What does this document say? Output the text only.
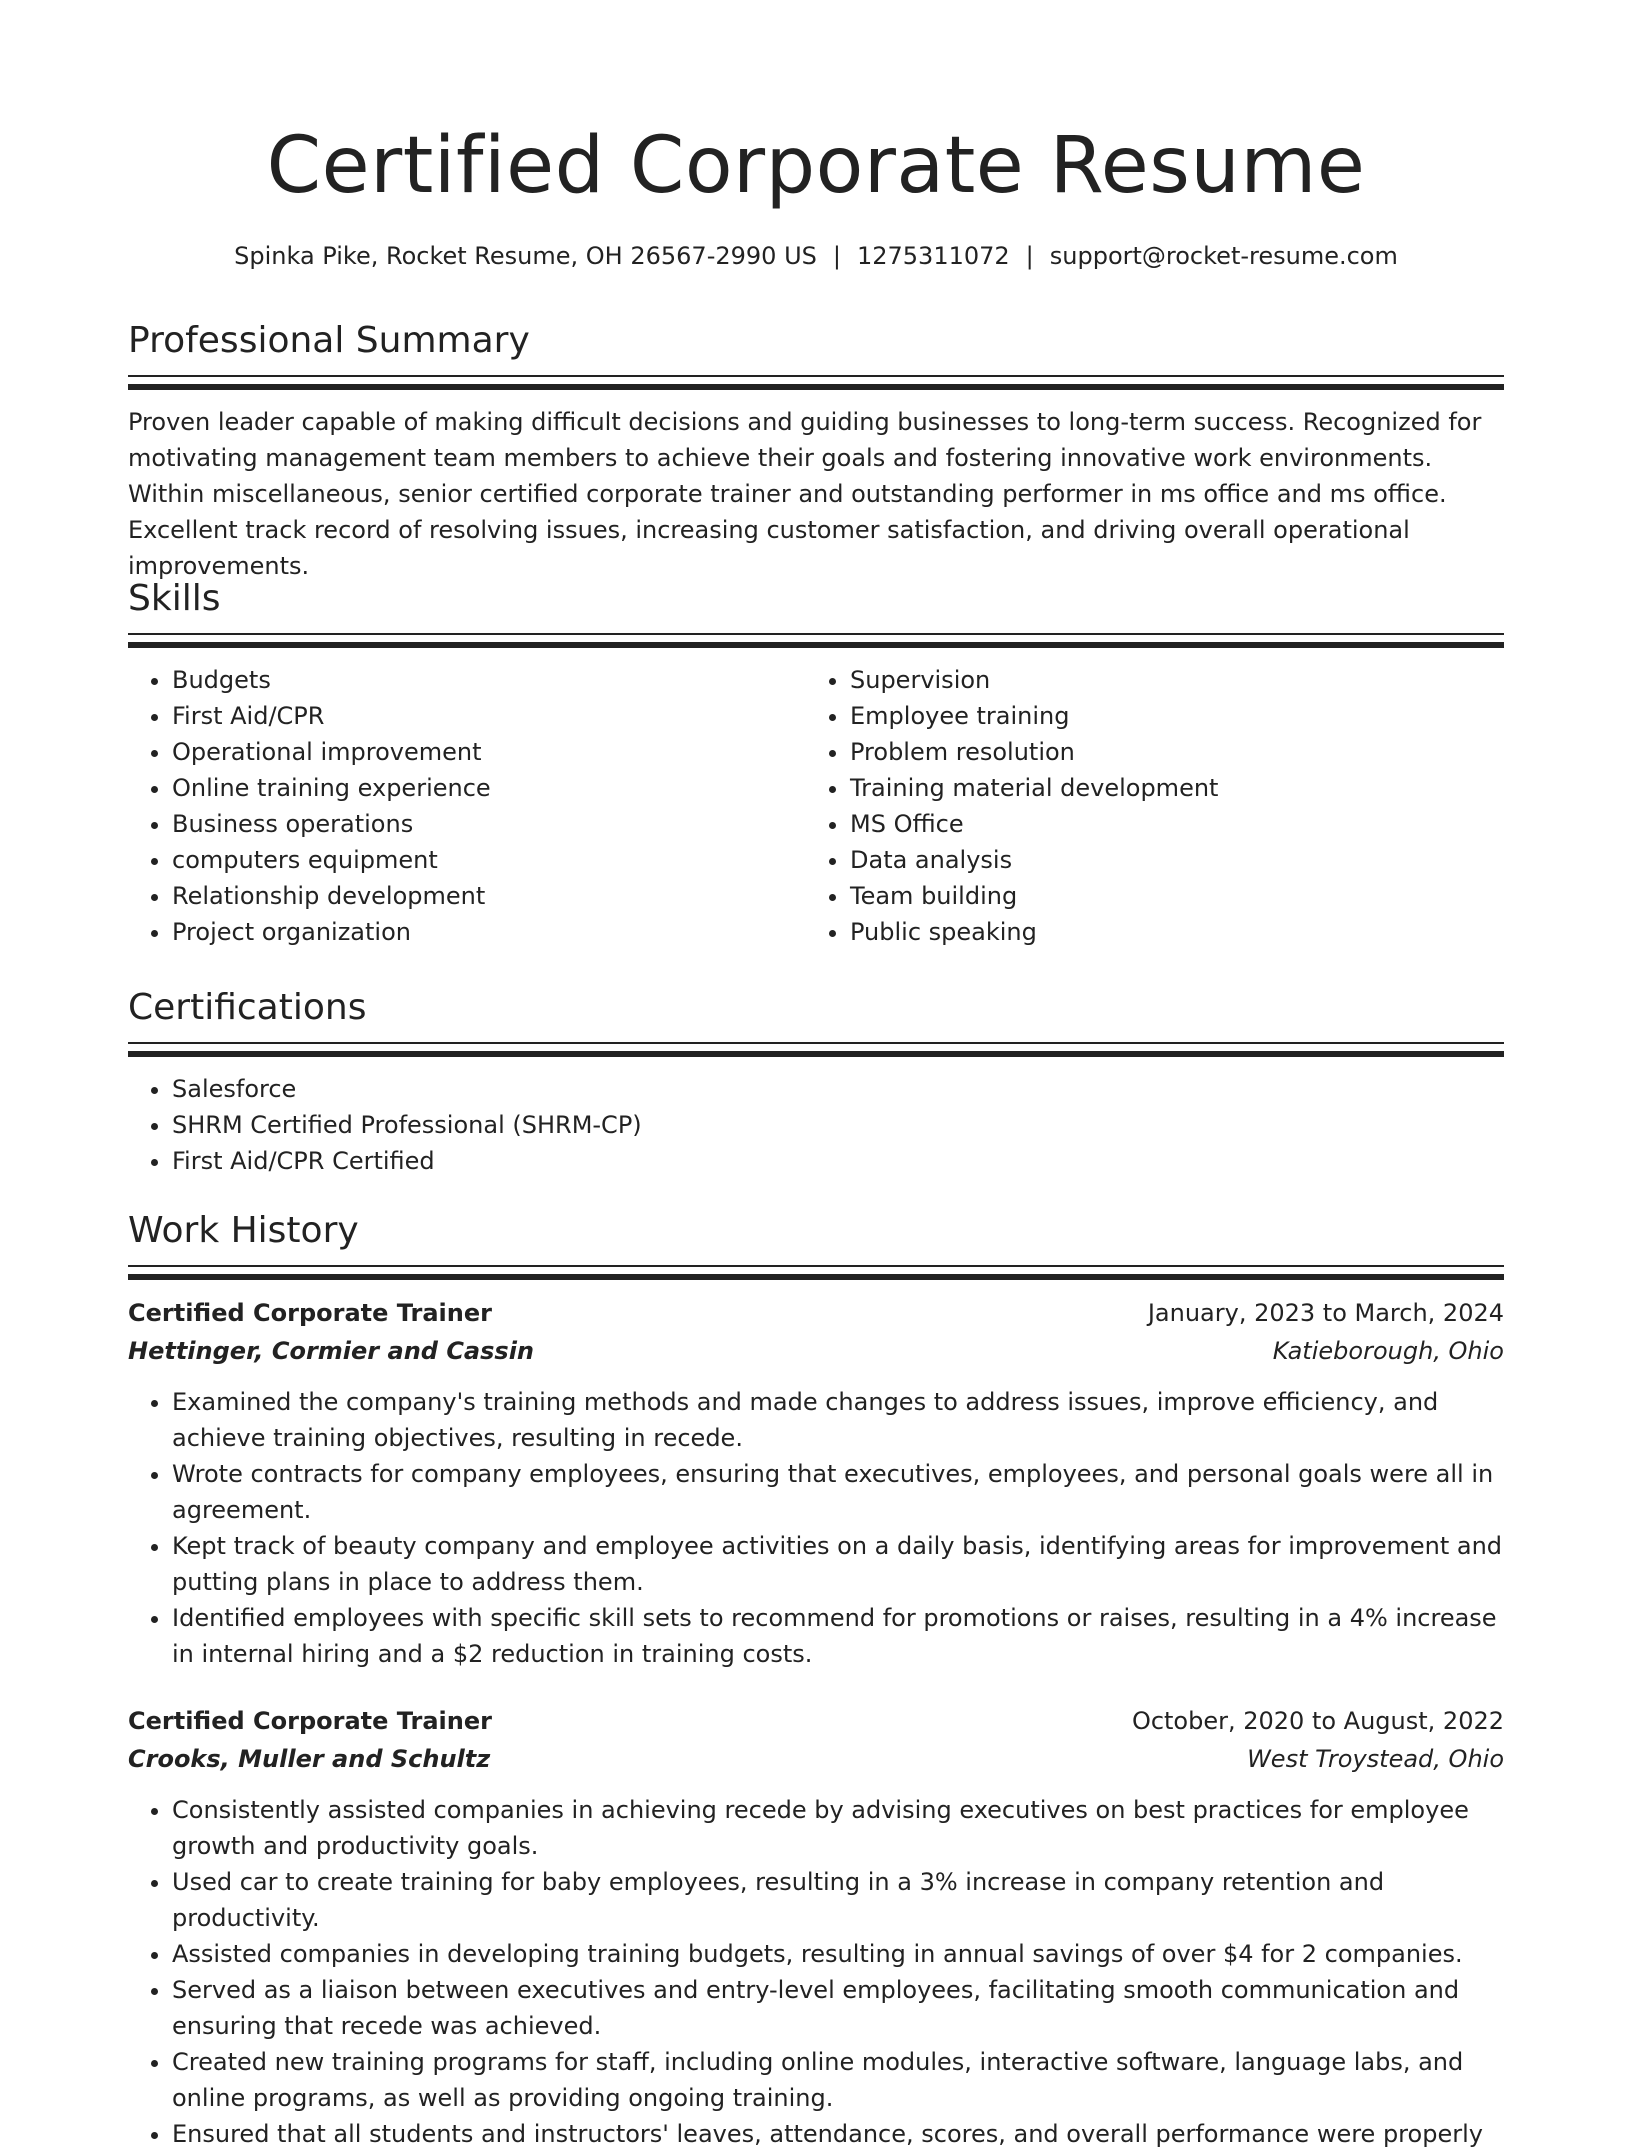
Certified Corporate Resume
Spinka Pike, Rocket Resume, OH 26567-2990 US | 1275311072 | support@rocket-resume.com
Professional Summary

Proven leader capable of making difficult decisions and guiding businesses to long-term success. Recognized for motivating management team members to achieve their goals and fostering innovative work environments. Within miscellaneous, senior certified corporate trainer and outstanding performer in ms office and ms office. Excellent track record of resolving issues, increasing customer satisfaction, and driving overall operational improvements.

Skills
• Budgets
• First Aid/CPR
• Operational improvement
• Online training experience
• Business operations
• computers equipment
• Relationship development
• Project organization
• Supervision
• Employee training
• Problem resolution
• Training material development
• MS Office
• Data analysis
• Team building
• Public speaking
Certifications
• Salesforce
• SHRM Certified Professional (SHRM-CP)
• First Aid/CPR Certified
Work History
Certified Corporate Trainer	January, 2023 to March, 2024
Hettinger, Cormier and Cassin	Katieborough, Ohio
• Examined the company's training methods and made changes to address issues, improve efficiency, and achieve training objectives, resulting in recede.
• Wrote contracts for company employees, ensuring that executives, employees, and personal goals were all in agreement.
• Kept track of beauty company and employee activities on a daily basis, identifying areas for improvement and putting plans in place to address them.
• Identified employees with specific skill sets to recommend for promotions or raises, resulting in a 4% increase in internal hiring and a $2 reduction in training costs.
Certified Corporate Trainer	October, 2020 to August, 2022
Crooks, Muller and Schultz	West Troystead, Ohio
• Consistently assisted companies in achieving recede by advising executives on best practices for employee growth and productivity goals.
• Used car to create training for baby employees, resulting in a 3% increase in company retention and productivity.
• Assisted companies in developing training budgets, resulting in annual savings of over $4 for 2 companies.
• Served as a liaison between executives and entry-level employees, facilitating smooth communication and ensuring that recede was achieved.
• Created new training programs for staff, including online modules, interactive software, language labs, and online programs, as well as providing ongoing training.
• Ensured that all students and instructors' leaves, attendance, scores, and overall performance were properly
